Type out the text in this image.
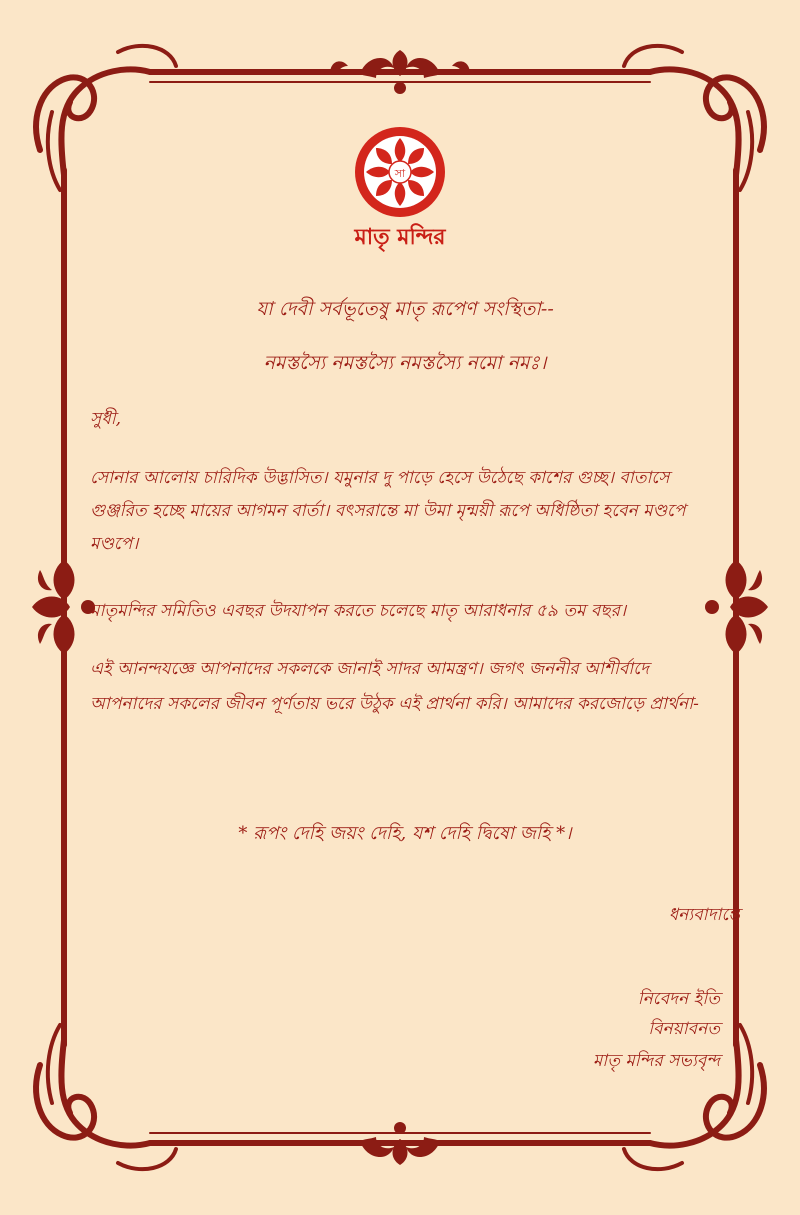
সা
মাতৃ মন্দির
যা দেবী সর্বভূতেষু মাতৃ রূপেণ সংস্থিতা--
নমস্তস্যৈ নমস্তস্যৈ নমস্তস্যৈ নমো নমঃ।
সুধী,
সোনার আলোয় চারিদিক উদ্ভাসিত। যমুনার দু পাড়ে হেসে উঠেছে কাশের গুচ্ছ। বাতাসে গুঞ্জরিত হচ্ছে মায়ের আগমন বার্তা। বৎসরান্তে মা উমা মৃন্ময়ী রূপে অধিষ্ঠিতা হবেন মণ্ডপে মণ্ডপে।
মাতৃমন্দির সমিতিও এবছর উদযাপন করতে চলেছে মাতৃ আরাধনার ৫৯ তম বছর।
এই আনন্দযজ্ঞে আপনাদের সকলকে জানাই সাদর আমন্ত্রণ। জগৎ জননীর আশীর্বাদে আপনাদের সকলের জীবন পূর্ণতায় ভরে উঠুক এই প্রার্থনা করি। আমাদের করজোড়ে প্রার্থনা-
* রূপং দেহি জয়ং দেহি, যশ দেহি দ্বিষো জহি *।
ধন্যবাদান্তে
নিবেদন ইতি
বিনয়াবনত
মাতৃ মন্দির সভ্যবৃন্দ
